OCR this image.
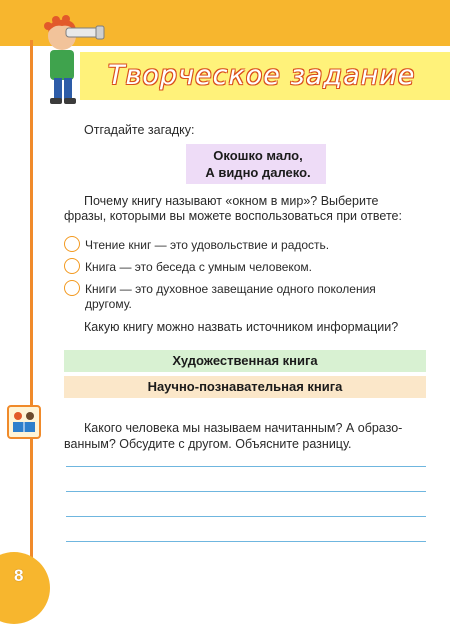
Творческое задание
Отгадайте загадку:
Окошко мало,
А видно далеко.
Почему книгу называют «окном в мир»? Выберите
фразы, которыми вы можете воспользоваться при ответе:
Чтение книг — это удовольствие и радость.
Книга — это беседа с умным человеком.
Книги — это духовное завещание одного поколения
другому.
Какую книгу можно назвать источником информации?
Художественная книга
Научно-познавательная книга
Какого человека мы называем начитанным? А образо-
ванным? Обсудите с другом. Объясните разницу.
8
